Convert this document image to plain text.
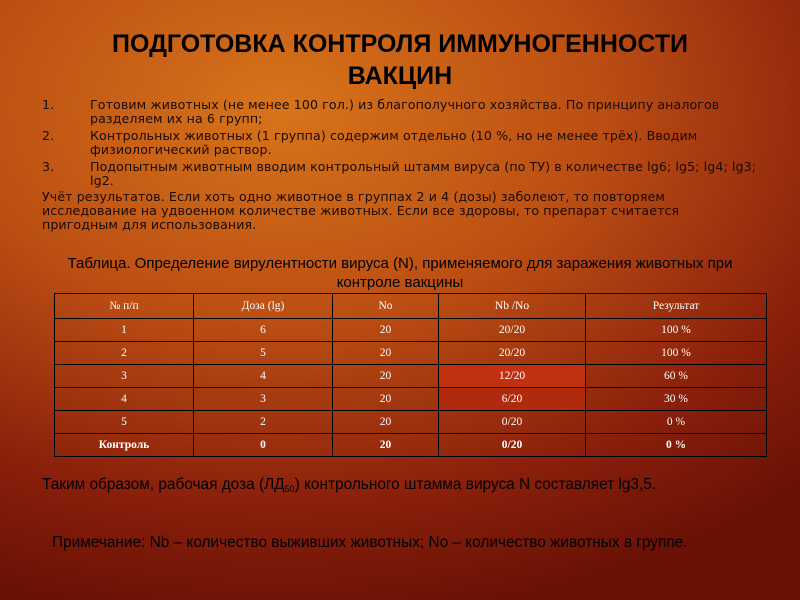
ПОДГОТОВКА КОНТРОЛЯ ИММУНОГЕННОСТИ
ВАКЦИН
1.	Готовим животных (не менее 100 гол.) из благополучного хозяйства. По принципу аналогов разделяем их на 6 групп;
2.	Контрольных животных (1 группа) содержим отдельно (10 %, но не менее трёх). Вводим физиологический раствор.
3.	Подопытным животным вводим контрольный штамм вируса (по ТУ) в количестве lg6; lg5; lg4; lg3; lg2.
Учёт результатов. Если хоть одно животное в группах 2 и 4 (дозы) заболеют, то повторяем исследование на удвоенном количестве животных. Если все здоровы, то препарат считается пригодным для использования.
Таблица. Определение вирулентности вируса (N), применяемого для заражения животных при контроле вакцины
№ п/п	Доза (lg)	No	Nb /No	Результат
1	6	20	20/20	100 %
2	5	20	20/20	100 %
3	4	20	12/20	60 %
4	3	20	6/20	30 %
5	2	20	0/20	0 %
Контроль	0	20	0/20	0 %
Таким образом, рабочая доза $(ЛД_{50})$ контрольного штамма вируса N составляет lg3,5.
Примечание: Nb – количество выживших животных; No – количество животных в группе.
